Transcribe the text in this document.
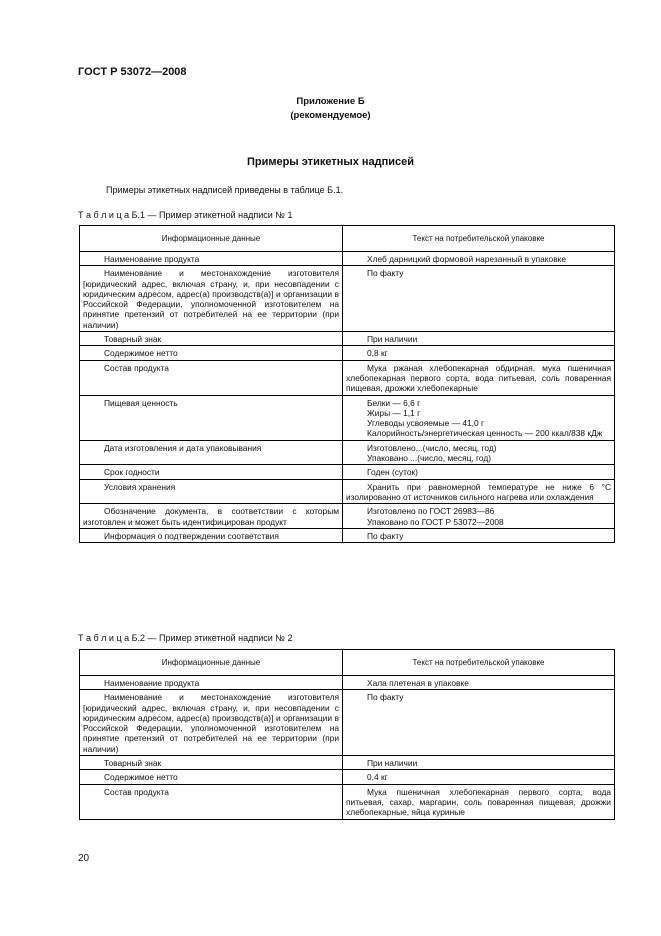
ГОСТ Р 53072—2008
Приложение Б
(рекомендуемое)
Примеры этикетных надписей
Примеры этикетных надписей приведены в таблице Б.1.
Т а б л и ц а Б.1 — Пример этикетной надписи № 1
Информационные данные	Текст на потребительской упаковке

Наименование продукта	Хлеб дарницкий формовой нарезанный в упаковке

Наименование и местонахождение изготовителя [юридический адрес, включая страну, и, при несовпадении с юридическим адресом, адрес(а) производств(а)] и организации в Российской Федерации, уполномоченной изготовителем на принятие претензий от потребителей на ее территории (при наличии)	По факту

Товарный знак	При наличии

Содержимое нетто	0,8 кг

Состав продукта	Мука ржаная хлебопекарная обдирная, мука пшеничная хлебопекарная первого сорта, вода питьевая, соль поваренная пищевая, дрожжи хлебопекарные

Пищевая ценность	Белки — 6,6 г
Жиры — 1,1 г
Углеводы усвояемые — 41,0 г
Калорийность/энергетическая ценность — 200 ккал/838 кДж

Дата изготовления и дата упаковывания	Изготовлено...(число, месяц, год)
Упаковано ...(число, месяц, год)

Срок годности	Годен (суток)

Условия хранения	Хранить при равномерной температуре не ниже 6 °С изолированно от источников сильного нагрева или охлаждения

Обозначение документа, в соответствии с которым изготовлен и может быть идентифицирован продукт	Изготовлено по ГОСТ 26983—86
Упаковано по ГОСТ Р 53072—2008

Информация о подтверждении соответствия	По факту
Т а б л и ц а Б.2 — Пример этикетной надписи № 2
Информационные данные	Текст на потребительской упаковке

Наименование продукта	Хала плетеная в упаковке

Наименование и местонахождение изготовителя [юридический адрес, включая страну, и, при несовпадении с юридическим адресом, адрес(а) производств(а)] и организации в Российской Федерации, уполномоченной изготовителем на принятие претензий от потребителей на ее территории (при наличии)	По факту

Товарный знак	При наличии

Содержимое нетто	0,4 кг

Состав продукта	Мука пшеничная хлебопекарная первого сорта, вода питьевая, сахар, маргарин, соль поваренная пищевая, дрожжи хлебопекарные, яйца куриные
20
